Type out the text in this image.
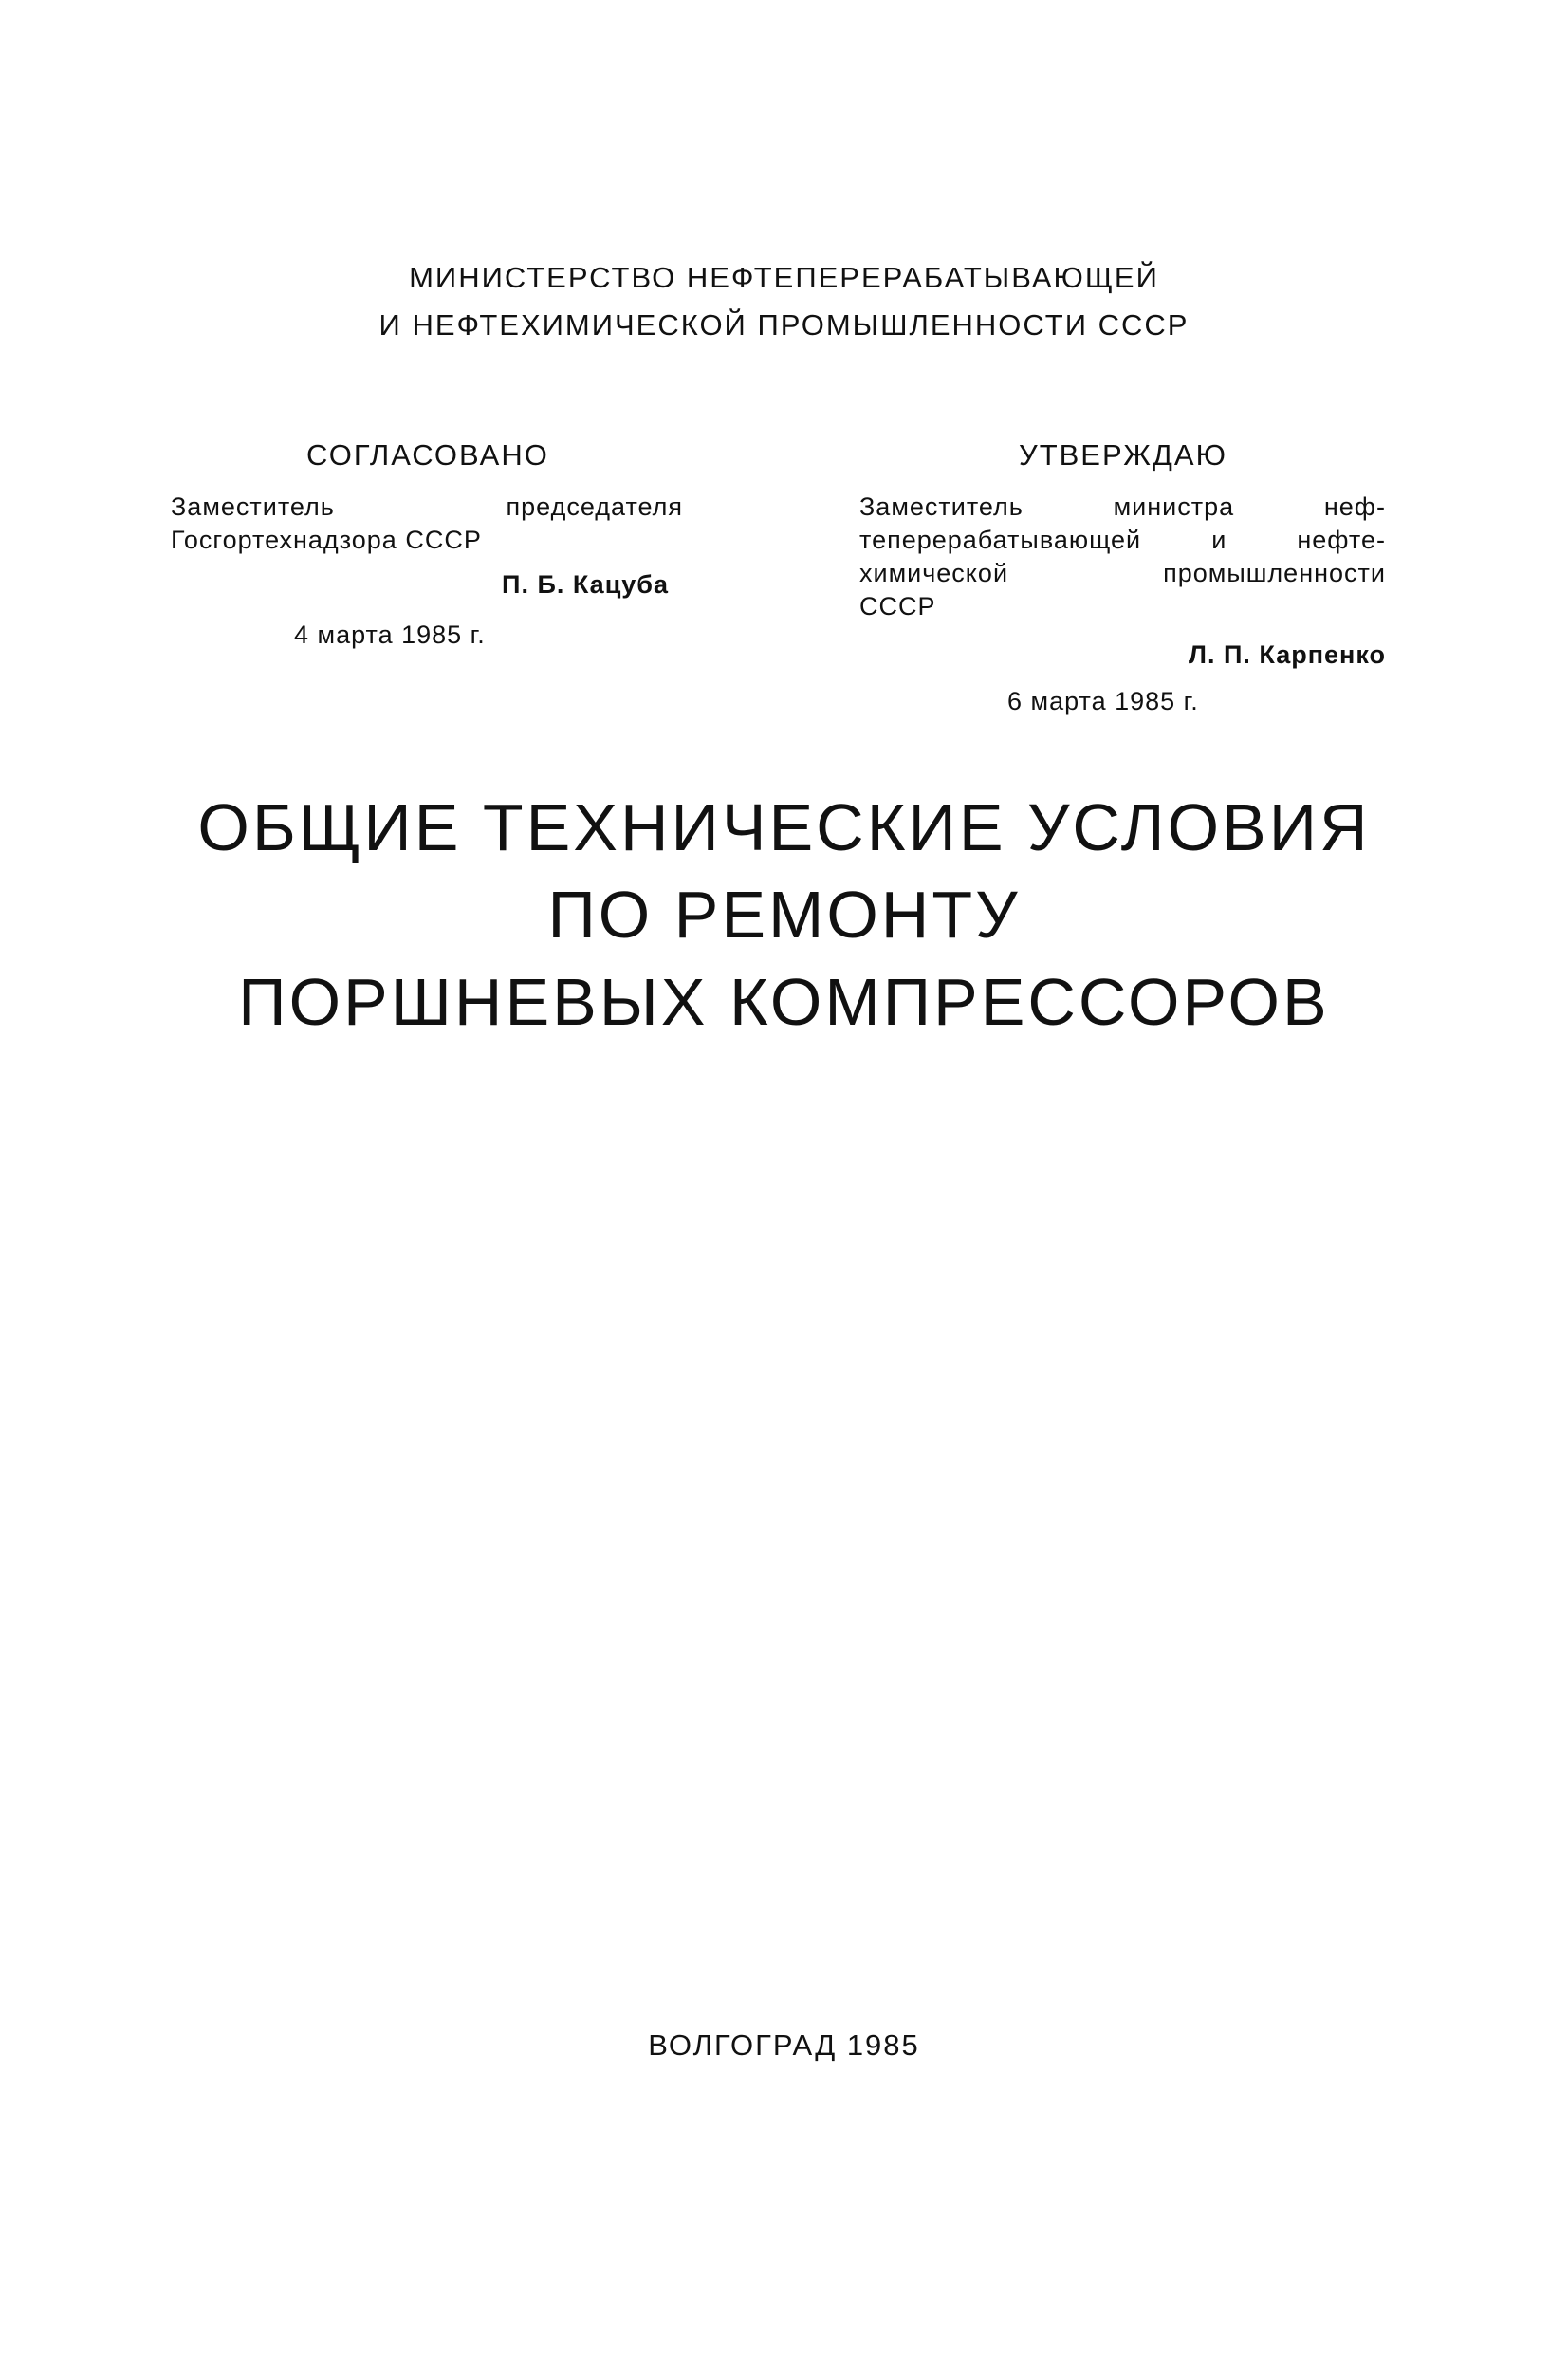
МИНИСТЕРСТВО НЕФТЕПЕРЕРАБАТЫВАЮЩЕЙ
И НЕФТЕХИМИЧЕСКОЙ ПРОМЫШЛЕННОСТИ СССР
СОГЛАСОВАНО
Заместитель председателя
Госгортехнадзора СССР
П. Б. Кацуба
4 марта 1985 г.
УТВЕРЖДАЮ
Заместитель министра неф-
теперерабатывающей и нефте-
химической промышленности
СССР
Л. П. Карпенко
6 марта 1985 г.
ОБЩИЕ ТЕХНИЧЕСКИЕ УСЛОВИЯ
ПО РЕМОНТУ
ПОРШНЕВЫХ КОМПРЕССОРОВ
ВОЛГОГРАД 1985
